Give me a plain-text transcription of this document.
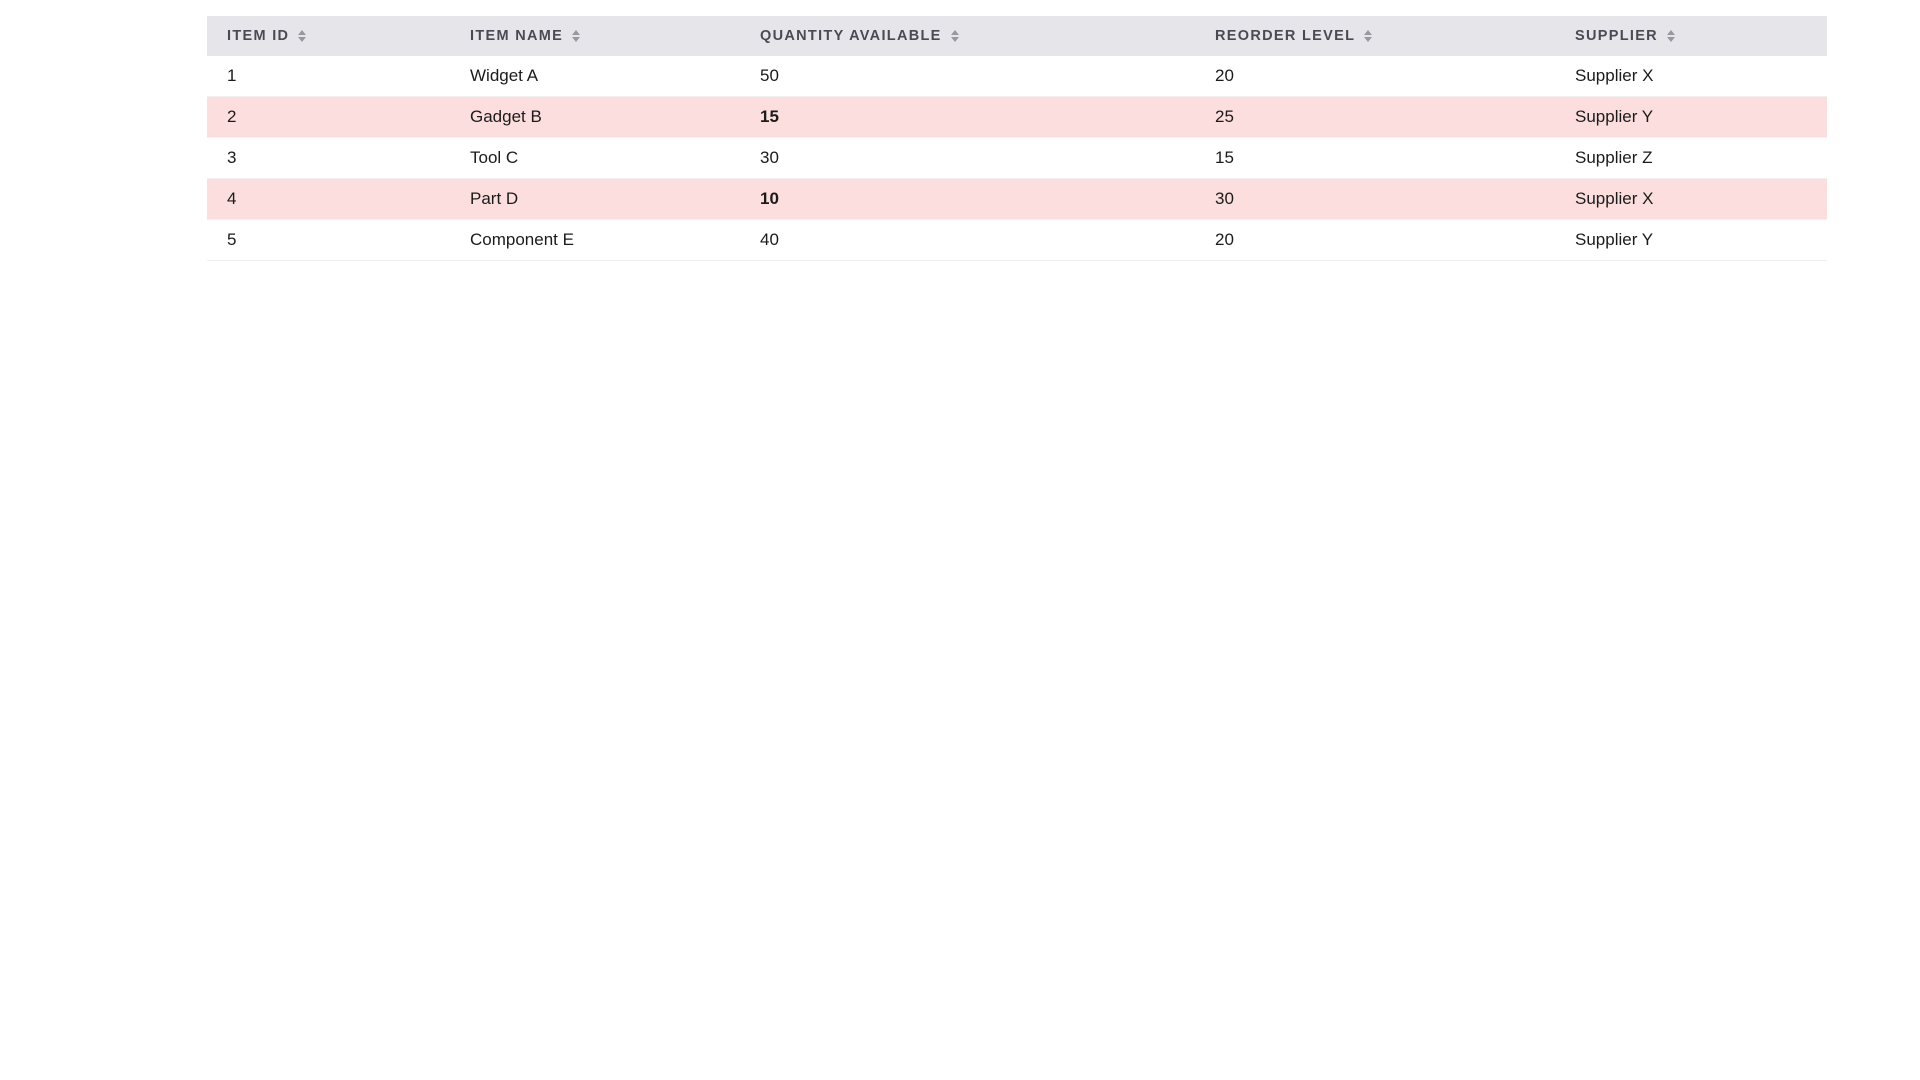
ITEM ID	ITEM NAME	QUANTITY AVAILABLE	REORDER LEVEL	SUPPLIER

1	Widget A	50	20	Supplier X
2	Gadget B	15	25	Supplier Y
3	Tool C	30	15	Supplier Z
4	Part D	10	30	Supplier X
5	Component E	40	20	Supplier Y
